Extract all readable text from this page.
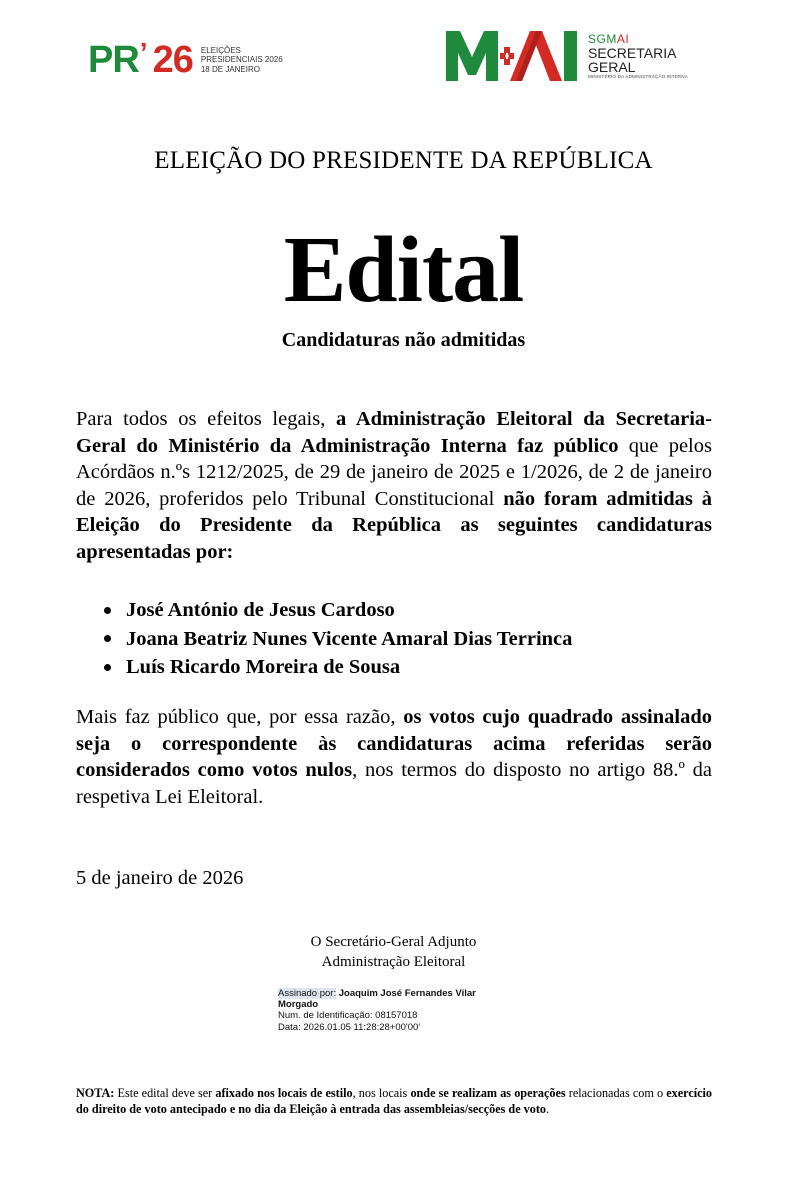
PR ’ 26 ELEIÇÕES
PRESIDENCIAIS 2026
18 DE JANEIRO
SGMAI
SECRETARIA
GERAL
MINISTÉRIO DA ADMINISTRAÇÃO INTERNA
ELEIÇÃO DO PRESIDENTE DA REPÚBLICA
Edital
Candidaturas não admitidas
Para todos os efeitos legais, a Administração Eleitoral da Secretaria-Geral do Ministério da Administração Interna faz público que pelos Acórdãos n.ºs 1212/2025, de 29 de janeiro de 2025 e 1/2026, de 2 de janeiro de 2026, proferidos pelo Tribunal Constitucional não foram admitidas à Eleição do Presidente da República as seguintes candidaturas apresentadas por:
José António de Jesus Cardoso
Joana Beatriz Nunes Vicente Amaral Dias Terrinca
Luís Ricardo Moreira de Sousa
Mais faz público que, por essa razão, os votos cujo quadrado assinalado seja o correspondente às candidaturas acima referidas serão considerados como votos nulos, nos termos do disposto no artigo 88.º da respetiva Lei Eleitoral.
5 de janeiro de 2026
O Secretário-Geral Adjunto
Administração Eleitoral
Assinado por: Joaquim José Fernandes Vilar
Morgado
Num. de Identificação: 08157018
Data: 2026.01.05 11:28:28+00'00'
NOTA: Este edital deve ser afixado nos locais de estilo, nos locais onde se realizam as operações relacionadas com o exercício do direito de voto antecipado e no dia da Eleição à entrada das assembleias/secções de voto.
